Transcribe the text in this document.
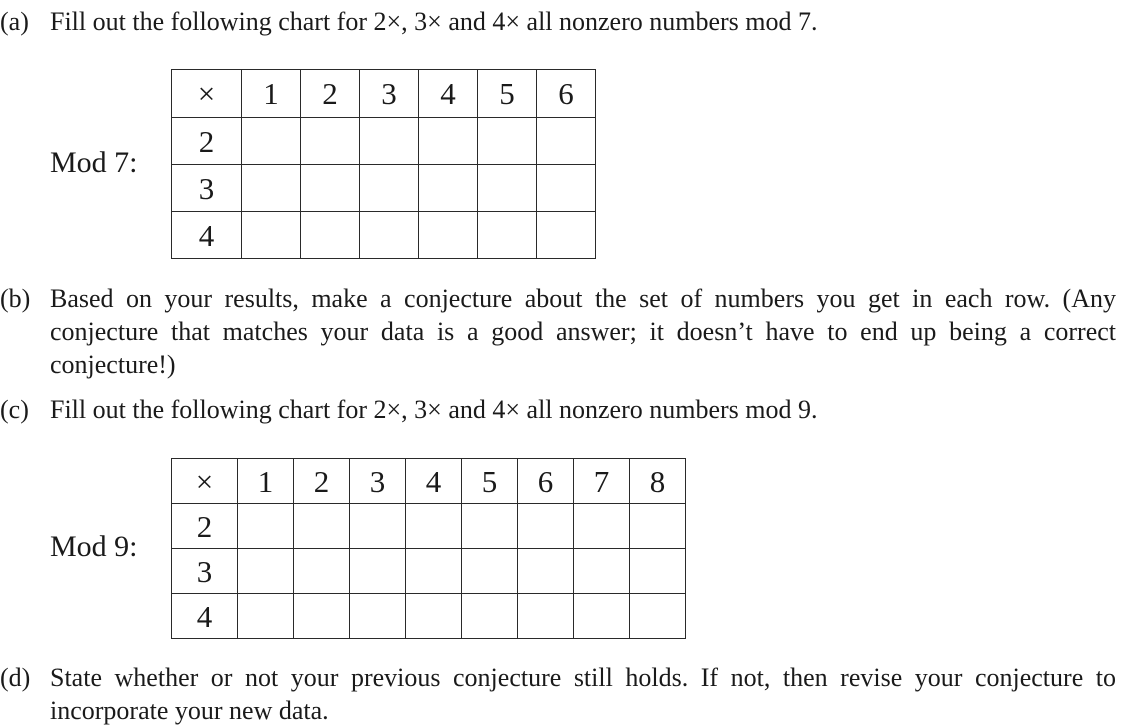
(a) Fill out the following chart for 2×, 3× and 4× all nonzero numbers mod 7.
Mod 7:
×	1	2	3	4	5	6
2						
3						
4						
(b) Based on your results, make a conjecture about the set of numbers you get in each row. (Any conjecture that matches your data is a good answer; it doesn’t have to end up being a correct conjecture!)
(c) Fill out the following chart for 2×, 3× and 4× all nonzero numbers mod 9.
Mod 9:
×	1	2	3	4	5	6	7	8
2								
3								
4								
(d) State whether or not your previous conjecture still holds. If not, then revise your conjecture to incorporate your new data.
